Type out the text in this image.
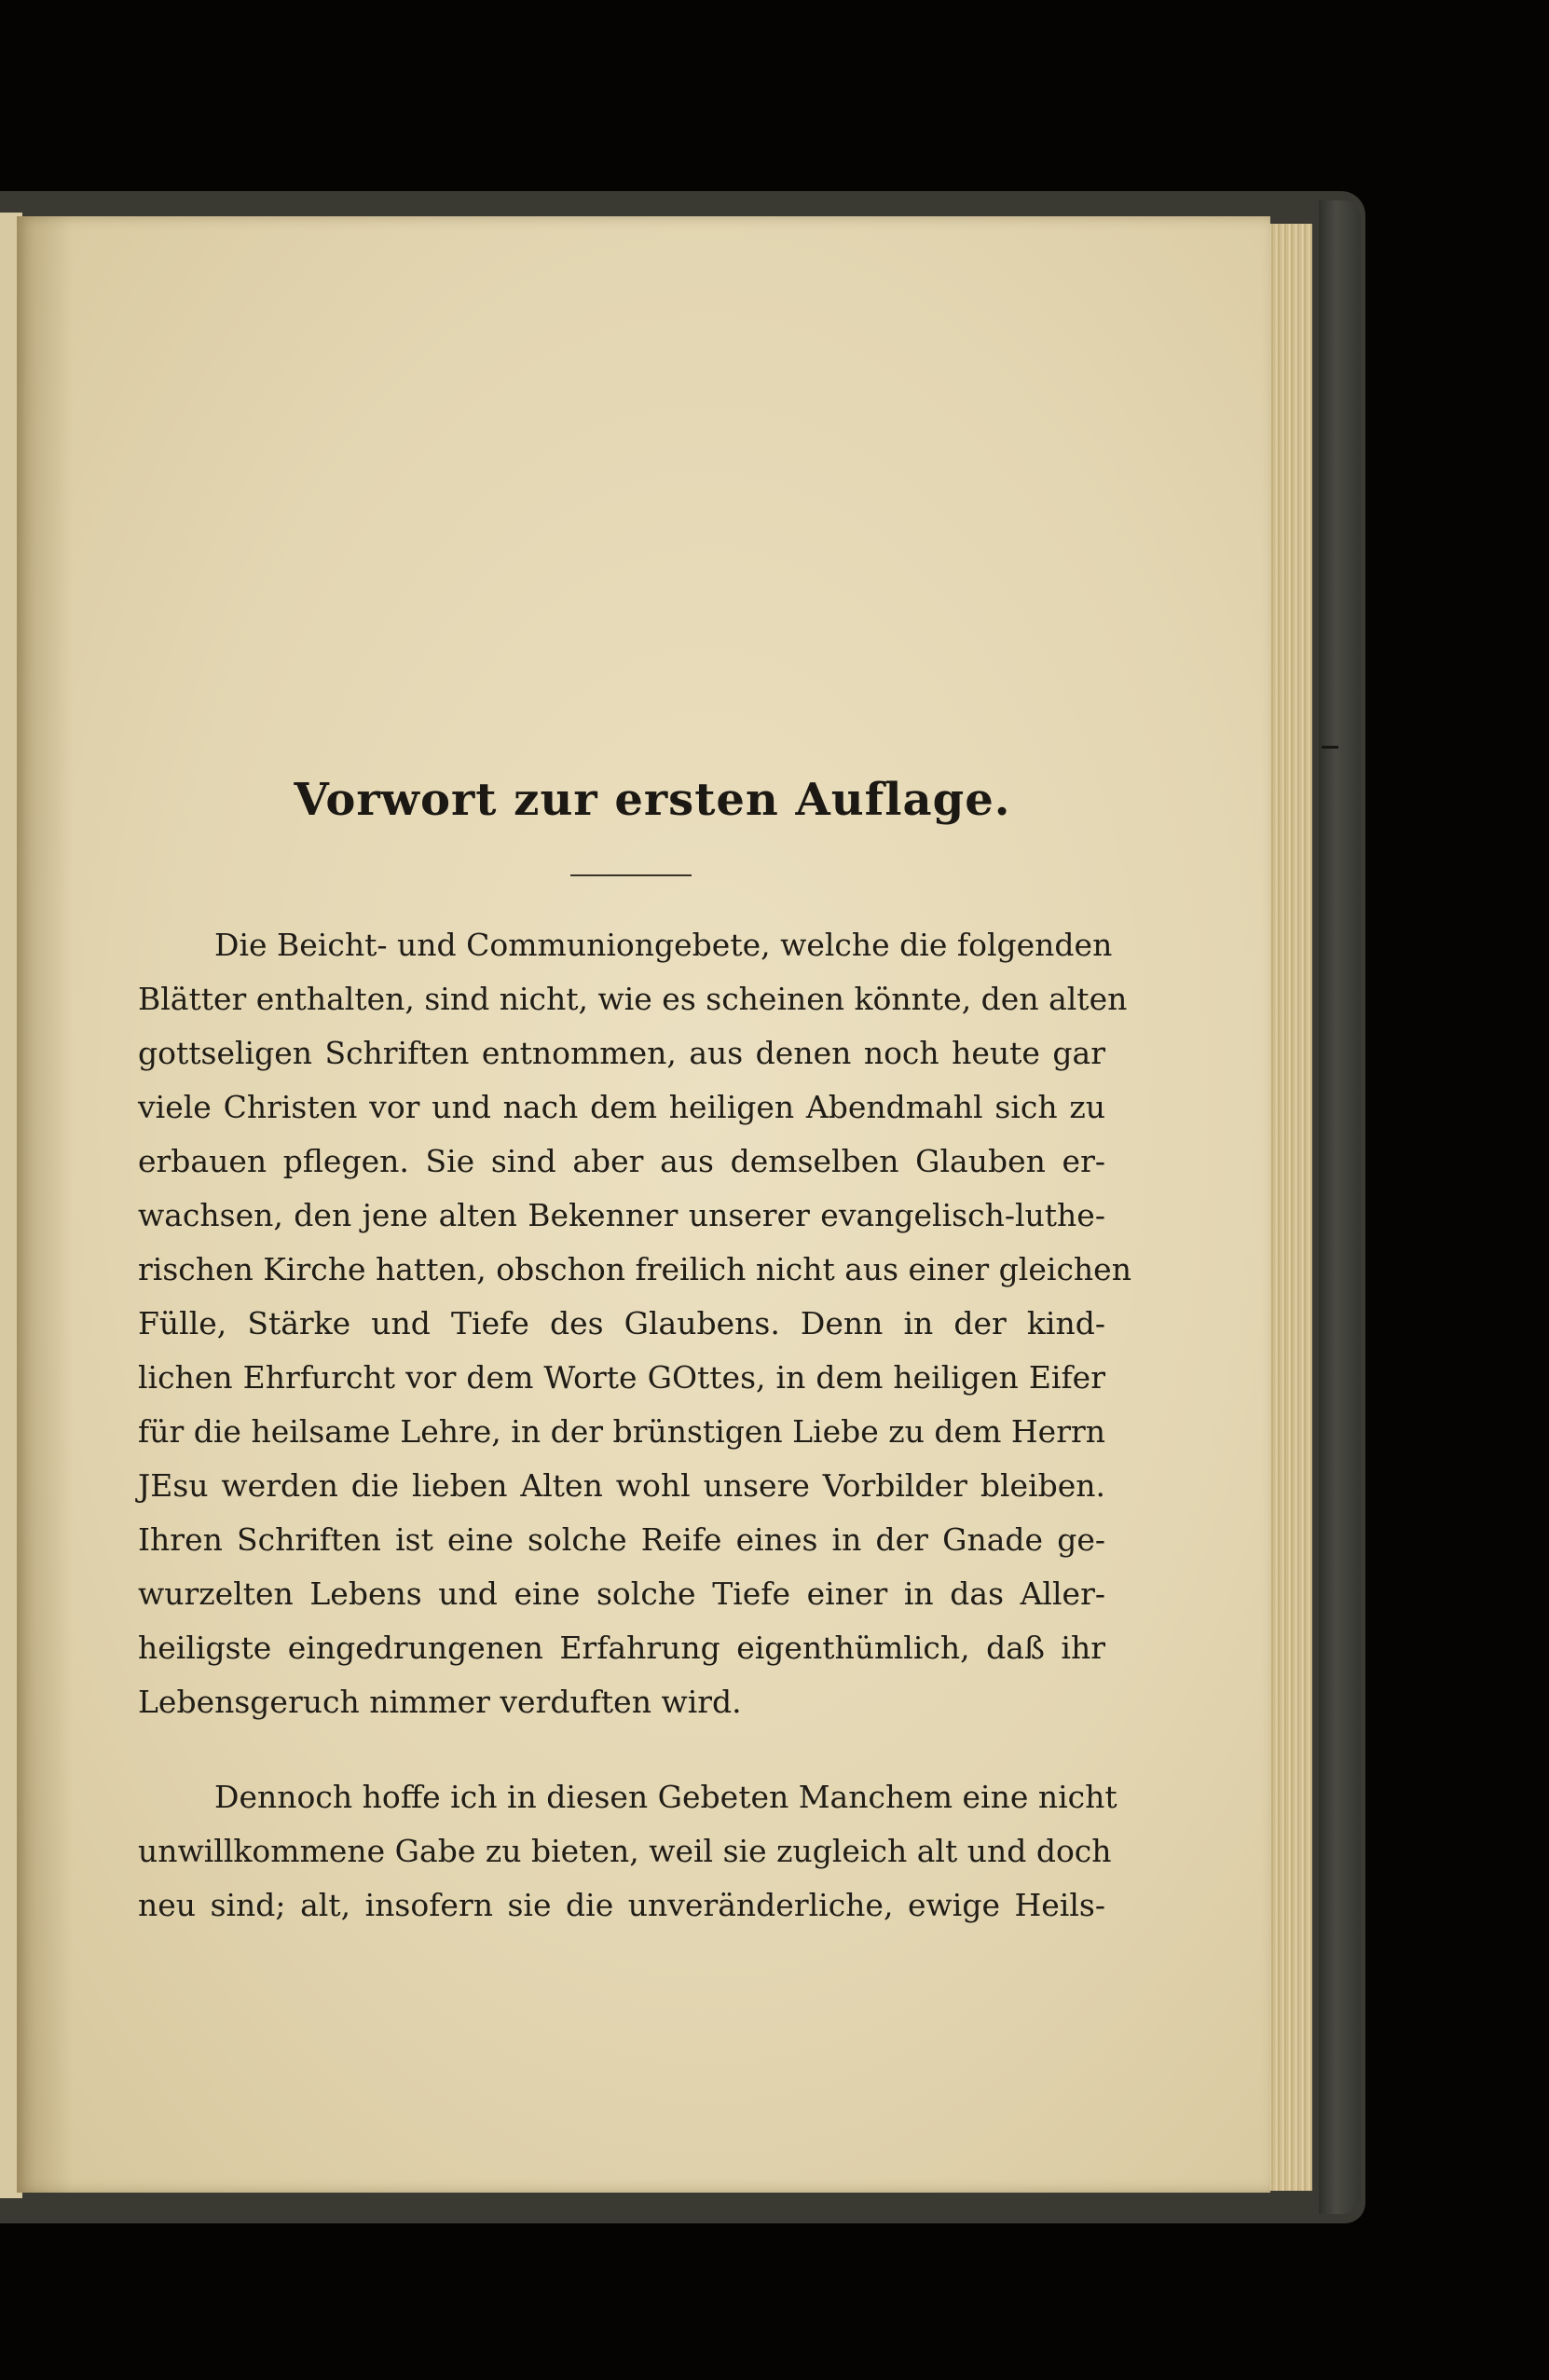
Vorwort zur ersten Auflage.
Die Beicht- und Communiongebete, welche die folgenden
Blätter enthalten, sind nicht, wie es scheinen könnte, den alten
gottseligen Schriften entnommen, aus denen noch heute gar
viele Christen vor und nach dem heiligen Abendmahl sich zu
erbauen pflegen. Sie sind aber aus demselben Glauben er-
wachsen, den jene alten Bekenner unserer evangelisch-luthe-
rischen Kirche hatten, obschon freilich nicht aus einer gleichen
Fülle, Stärke und Tiefe des Glaubens. Denn in der kind-
lichen Ehrfurcht vor dem Worte GOttes, in dem heiligen Eifer
für die heilsame Lehre, in der brünstigen Liebe zu dem Herrn
JEsu werden die lieben Alten wohl unsere Vorbilder bleiben.
Ihren Schriften ist eine solche Reife eines in der Gnade ge-
wurzelten Lebens und eine solche Tiefe einer in das Aller-
heiligste eingedrungenen Erfahrung eigenthümlich, daß ihr
Lebensgeruch nimmer verduften wird.
Dennoch hoffe ich in diesen Gebeten Manchem eine nicht
unwillkommene Gabe zu bieten, weil sie zugleich alt und doch
neu sind; alt, insofern sie die unveränderliche, ewige Heils-
